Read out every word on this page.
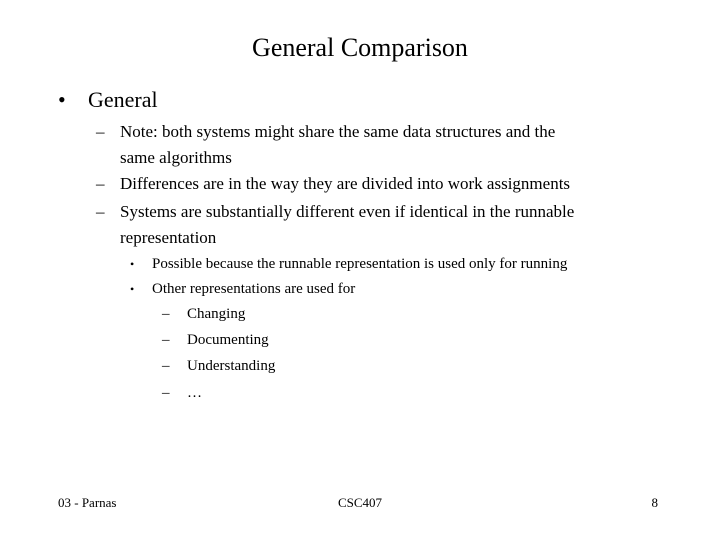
General Comparison
•	General
– Note: both systems might share the same data structures and the
same algorithms
– Differences are in the way they are divided into work assignments
– Systems are substantially different even if identical in the runnable
representation
•	Possible because the runnable representation is used only for running
•	Other representations are used for
–	Changing
–	Documenting
–	Understanding
–	…
03 - Parnas	CSC407	8
